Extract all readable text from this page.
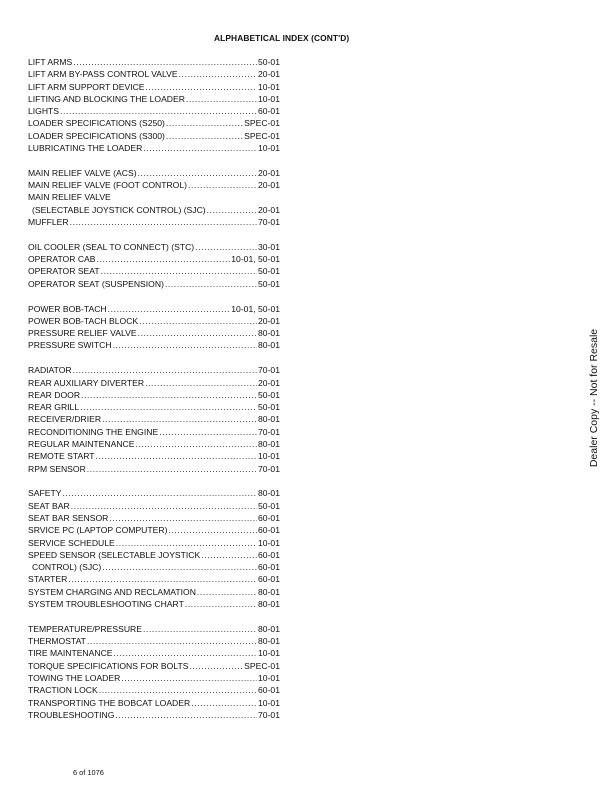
ALPHABETICAL INDEX (CONT'D)
LIFT ARMS .....	50-01
LIFT ARM BY-PASS CONTROL VALVE .....	20-01
LIFT ARM SUPPORT DEVICE .....	10-01
LIFTING AND BLOCKING THE LOADER .....	10-01
LIGHTS .....	60-01
LOADER SPECIFICATIONS (S250) .....	SPEC-01
LOADER SPECIFICATIONS (S300) .....	SPEC-01
LUBRICATING THE LOADER .....	10-01
MAIN RELIEF VALVE (ACS) .....	20-01
MAIN RELIEF VALVE (FOOT CONTROL) .....	20-01
MAIN RELIEF VALVE
(SELECTABLE JOYSTICK CONTROL) (SJC) .....	20-01
MUFFLER .....	70-01
OIL COOLER (SEAL TO CONNECT) (STC) .....	30-01
OPERATOR CAB .....	10-01, 50-01
OPERATOR SEAT .....	50-01
OPERATOR SEAT (SUSPENSION) .....	50-01
POWER BOB-TACH .....	10-01, 50-01
POWER BOB-TACH BLOCK .....	20-01
PRESSURE RELIEF VALVE .....	80-01
PRESSURE SWITCH .....	80-01
RADIATOR .....	70-01
REAR AUXILIARY DIVERTER .....	20-01
REAR DOOR .....	50-01
REAR GRILL .....	50-01
RECEIVER/DRIER .....	80-01
RECONDITIONING THE ENGINE .....	70-01
REGULAR MAINTENANCE .....	80-01
REMOTE START .....	10-01
RPM SENSOR .....	70-01
SAFETY .....	80-01
SEAT BAR .....	50-01
SEAT BAR SENSOR .....	60-01
SRVICE PC (LAPTOP COMPUTER) .....	60-01
SERVICE SCHEDULE .....	10-01
SPEED SENSOR (SELECTABLE JOYSTICK .....	60-01
CONTROL) (SJC) .....	60-01
STARTER .....	60-01
SYSTEM CHARGING AND RECLAMATION .....	80-01
SYSTEM TROUBLESHOOTING CHART .....	80-01
TEMPERATURE/PRESSURE .....	80-01
THERMOSTAT .....	80-01
TIRE MAINTENANCE .....	10-01
TORQUE SPECIFICATIONS FOR BOLTS .....	SPEC-01
TOWING THE LOADER .....	10-01
TRACTION LOCK .....	60-01
TRANSPORTING THE BOBCAT LOADER .....	10-01
TROUBLESHOOTING .....	70-01
6 of 1076
Dealer Copy -- Not for Resale
